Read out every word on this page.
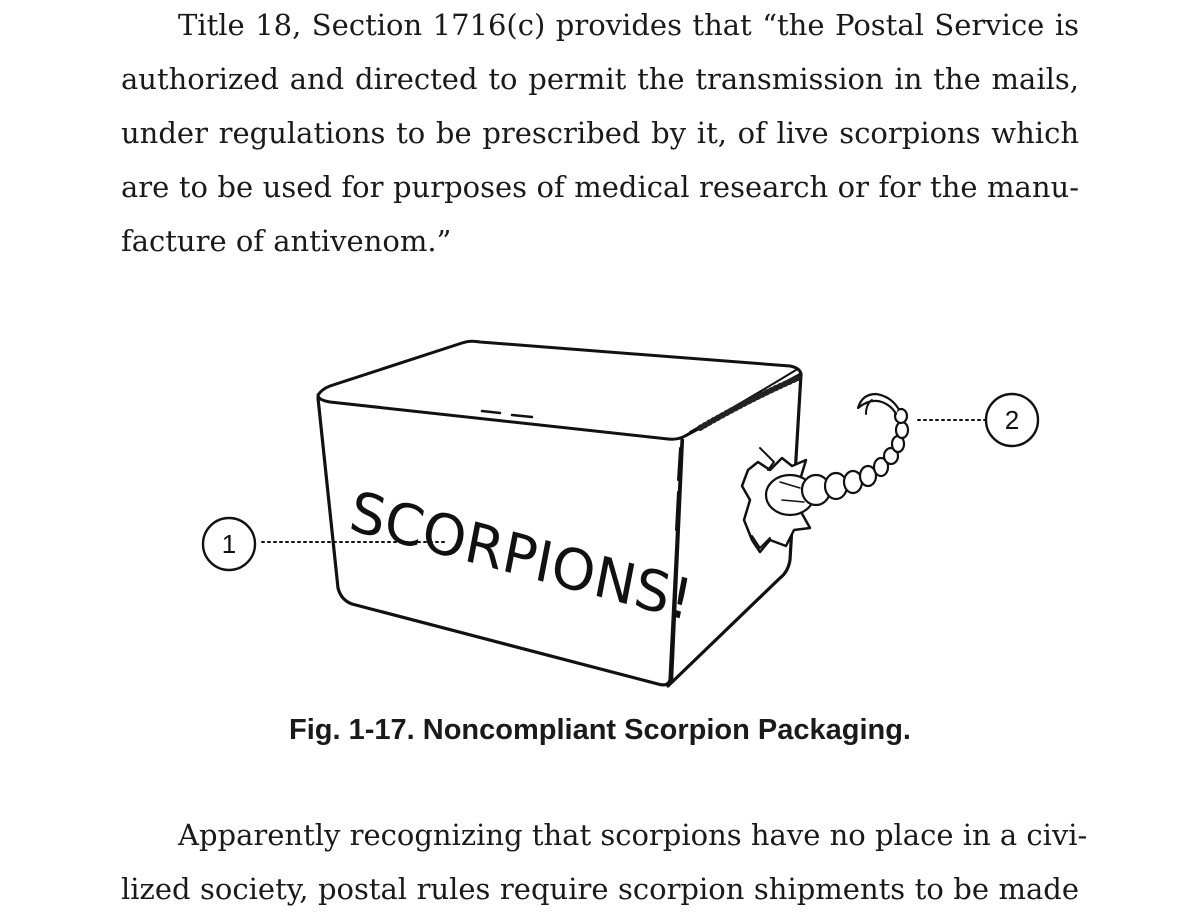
Title 18, Section 1716(c) provides that “the Postal Service is
authorized and directed to permit the transmission in the mails,
under regulations to be prescribed by it, of live scorpions which
are to be used for purposes of medical research or for the manu-
facture of antivenom.”

SCORPIONS!
1
2
Fig. 1-17. Noncompliant Scorpion Packaging.

Apparently recognizing that scorpions have no place in a civi-
lized society, postal rules require scorpion shipments to be made
